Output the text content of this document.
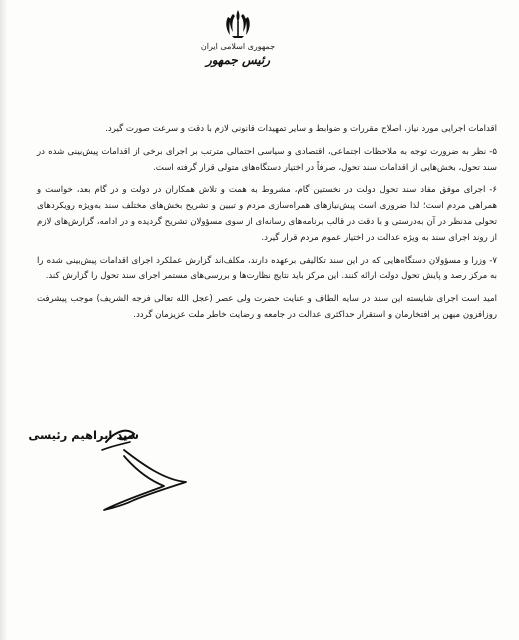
جمهوری اسلامی ایران
رئیس جمهور

اقدامات اجرایی مورد نیاز، اصلاح مقررات و ضوابط و سایر تمهیدات قانونی لازم با دقت و سرعت صورت گیرد.

۵- نظر به ضرورت توجه به ملاحظات اجتماعی، اقتصادی و سیاسی احتمالی مترتب بر اجرای برخی از اقدامات پیش‌بینی شده در سند تحول، بخش‌هایی از اقدامات سند تحول، صرفاً در اختیار دستگاه‌های متولی قرار گرفته است.

۶- اجرای موفق مفاد سند تحول دولت در نخستین گام، مشروط به همت و تلاش همکاران در دولت و در گام بعد، خواست و همراهی مردم است؛ لذا ضروری است پیش‌نیازهای همراه‌سازی مردم و تبیین و تشریح بخش‌های مختلف سند به‌ویژه رویکردهای تحولی مدنظر در آن به‌درستی و با دقت در قالب برنامه‌های رسانه‌ای از سوی مسؤولان تشریح گردیده و در ادامه، گزارش‌های لازم از روند اجرای سند به ویژه عدالت در اختیار عموم مردم قرار گیرد.

۷- وزرا و مسؤولان دستگاه‌هایی که در این سند تکالیفی برعهده دارند، مکلف‌اند گزارش عملکرد اجرای اقدامات پیش‌بینی شده را به مرکز رصد و پایش تحول دولت ارائه کنند. این مرکز باید نتایج نظارت‌ها و بررسی‌های مستمر اجرای سند تحول را گزارش کند.

امید است اجرای شایسته این سند در سایه الطاف و عنایت حضرت ولی عصر (عجل الله تعالی فرجه الشریف) موجب پیشرفت روزافزون میهن پر افتخارمان و استقرار حداکثری عدالت در جامعه و رضایت خاطر ملت عزیزمان گردد.

سید ابراهیم رئیسی
